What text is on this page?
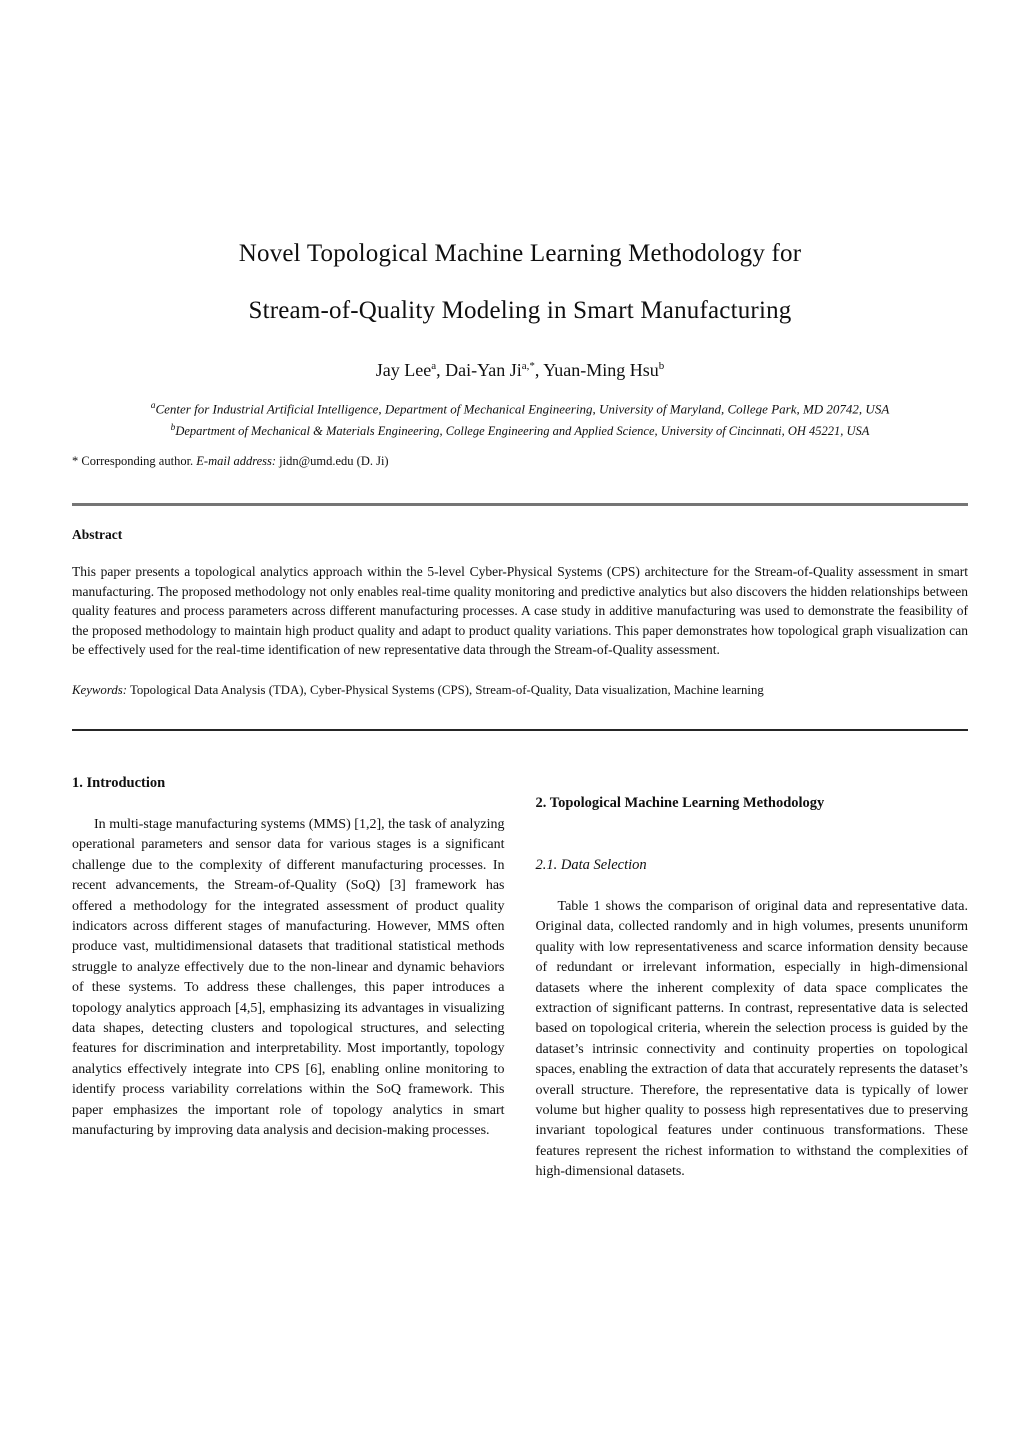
Novel Topological Machine Learning Methodology for
Stream-of-Quality Modeling in Smart Manufacturing
Jay Lee$^a$, Dai-Yan $Ji^{a,*}$, Yuan-Ming Hsu$^b$
$^a$Center for Industrial Artificial Intelligence, Department of Mechanical Engineering, University of Maryland, College Park, MD 20742, USA
$^b$Department of Mechanical & Materials Engineering, College Engineering and Applied Science, University of Cincinnati, OH 45221, USA
* Corresponding author. E-mail address: jidn@umd.edu (D. Ji)
Abstract

This paper presents a topological analytics approach within the 5-level Cyber-Physical Systems (CPS) architecture for the Stream-of-Quality assessment in smart manufacturing. The proposed methodology not only enables real-time quality monitoring and predictive analytics but also discovers the hidden relationships between quality features and process parameters across different manufacturing processes. A case study in additive manufacturing was used to demonstrate the feasibility of the proposed methodology to maintain high product quality and adapt to product quality variations. This paper demonstrates how topological graph visualization can be effectively used for the real-time identification of new representative data through the Stream-of-Quality assessment.

Keywords: Topological Data Analysis (TDA), Cyber-Physical Systems (CPS), Stream-of-Quality, Data visualization, Machine learning

1. Introduction

In multi-stage manufacturing systems (MMS) [1,2], the task of analyzing operational parameters and sensor data for various stages is a significant challenge due to the complexity of different manufacturing processes. In recent advancements, the Stream-of-Quality (SoQ) [3] framework has offered a methodology for the integrated assessment of product quality indicators across different stages of manufacturing. However, MMS often produce vast, multidimensional datasets that traditional statistical methods struggle to analyze effectively due to the non-linear and dynamic behaviors of these systems. To address these challenges, this paper introduces a topology analytics approach [4,5], emphasizing its advantages in visualizing data shapes, detecting clusters and topological structures, and selecting features for discrimination and interpretability. Most importantly, topology analytics effectively integrate into CPS [6], enabling online monitoring to identify process variability correlations within the SoQ framework. This paper emphasizes the important role of topology analytics in smart manufacturing by improving data analysis and decision-making processes.

2. Topological Machine Learning Methodology
2.1. Data Selection

Table 1 shows the comparison of original data and representative data. Original data, collected randomly and in high volumes, presents ununiform quality with low representativeness and scarce information density because of redundant or irrelevant information, especially in high-dimensional datasets where the inherent complexity of data space complicates the extraction of significant patterns. In contrast, representative data is selected based on topological criteria, wherein the selection process is guided by the dataset’s intrinsic connectivity and continuity properties on topological spaces, enabling the extraction of data that accurately represents the dataset’s overall structure. Therefore, the representative data is typically of lower volume but higher quality to possess high representatives due to preserving invariant topological features under continuous transformations. These features represent the richest information to withstand the complexities of high-dimensional datasets.
